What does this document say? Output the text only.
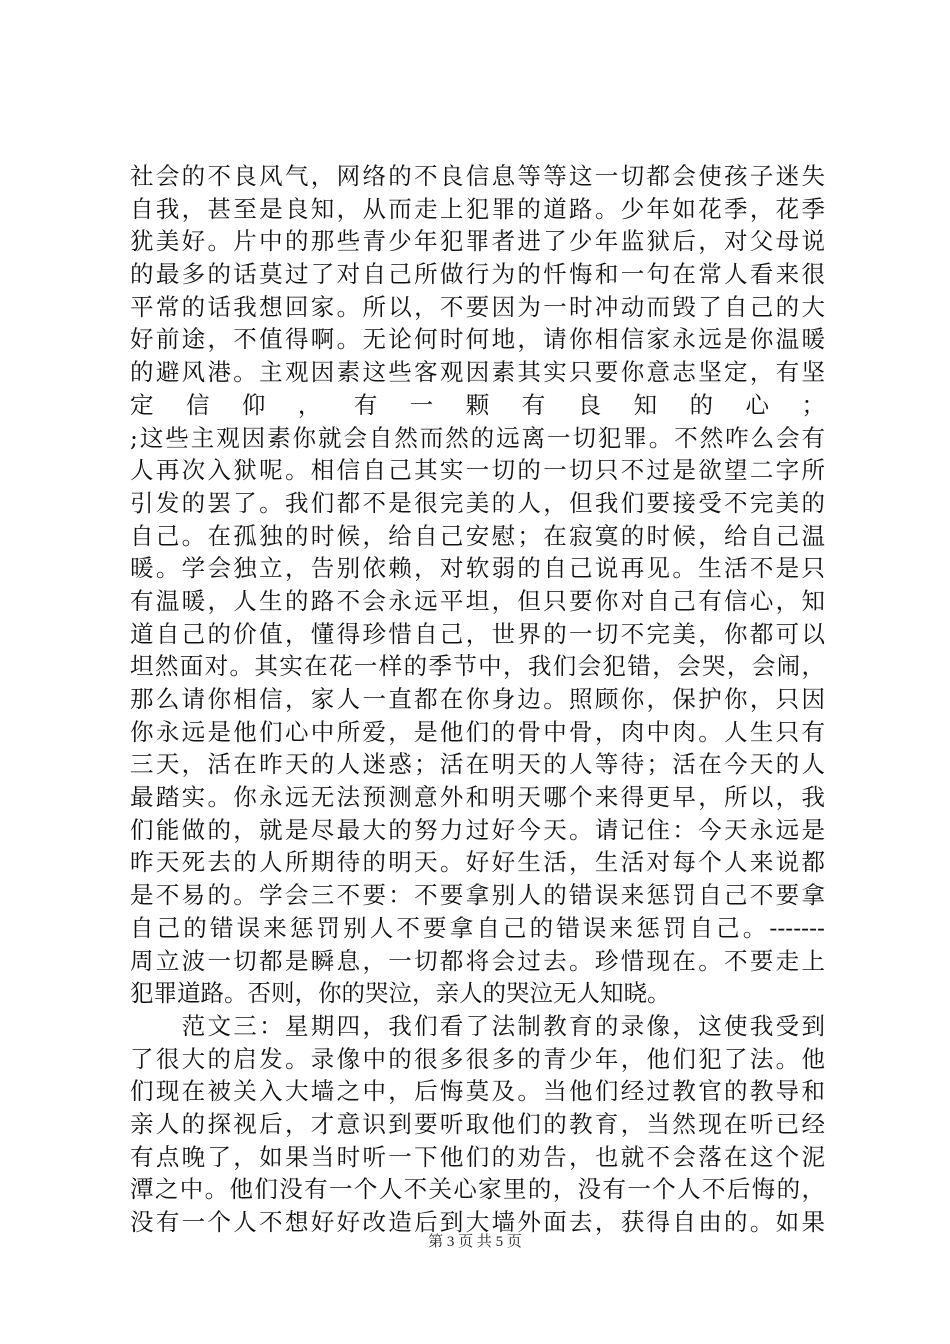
社会的不良风气，网络的不良信息等等这一切都会使孩子迷失
自我，甚至是良知，从而走上犯罪的道路。少年如花季，花季
犹美好。片中的那些青少年犯罪者进了少年监狱后，对父母说
的最多的话莫过了对自己所做行为的忏悔和一句在常人看来很
平常的话我想回家。所以，不要因为一时冲动而毁了自己的大
好前途，不值得啊。无论何时何地，请你相信家永远是你温暖
的避风港。主观因素这些客观因素其实只要你意志坚定，有坚
定 信 仰 ， 有 一 颗 有 良 知 的 心 ；
;这些主观因素你就会自然而然的远离一切犯罪。不然咋么会有
人再次入狱呢。相信自己其实一切的一切只不过是欲望二字所
引发的罢了。我们都不是很完美的人，但我们要接受不完美的
自己。在孤独的时候，给自己安慰；在寂寞的时候，给自己温
暖。学会独立，告别依赖，对软弱的自己说再见。生活不是只
有温暖，人生的路不会永远平坦，但只要你对自己有信心，知
道自己的价值，懂得珍惜自己，世界的一切不完美，你都可以
坦然面对。其实在花一样的季节中，我们会犯错，会哭，会闹，
那么请你相信，家人一直都在你身边。照顾你，保护你，只因
你永远是他们心中所爱，是他们的骨中骨，肉中肉。人生只有
三天，活在昨天的人迷惑；活在明天的人等待；活在今天的人
最踏实。你永远无法预测意外和明天哪个来得更早，所以，我
们能做的，就是尽最大的努力过好今天。请记住：今天永远是
昨天死去的人所期待的明天。好好生活，生活对每个人来说都
是不易的。学会三不要：不要拿别人的错误来惩罚自己不要拿
自己的错误来惩罚别人不要拿自己的错误来惩罚自己。-------
周立波一切都是瞬息，一切都将会过去。珍惜现在。不要走上
犯罪道路。否则，你的哭泣，亲人的哭泣无人知晓。
　　范文三：星期四，我们看了法制教育的录像，这使我受到
了很大的启发。录像中的很多很多的青少年，他们犯了法。他
们现在被关入大墙之中，后悔莫及。当他们经过教官的教导和
亲人的探视后，才意识到要听取他们的教育，当然现在听已经
有点晚了，如果当时听一下他们的劝告，也就不会落在这个泥
潭之中。他们没有一个人不关心家里的，没有一个人不后悔的，
没有一个人不想好好改造后到大墙外面去，获得自由的。如果
第 3 页 共 5 页
